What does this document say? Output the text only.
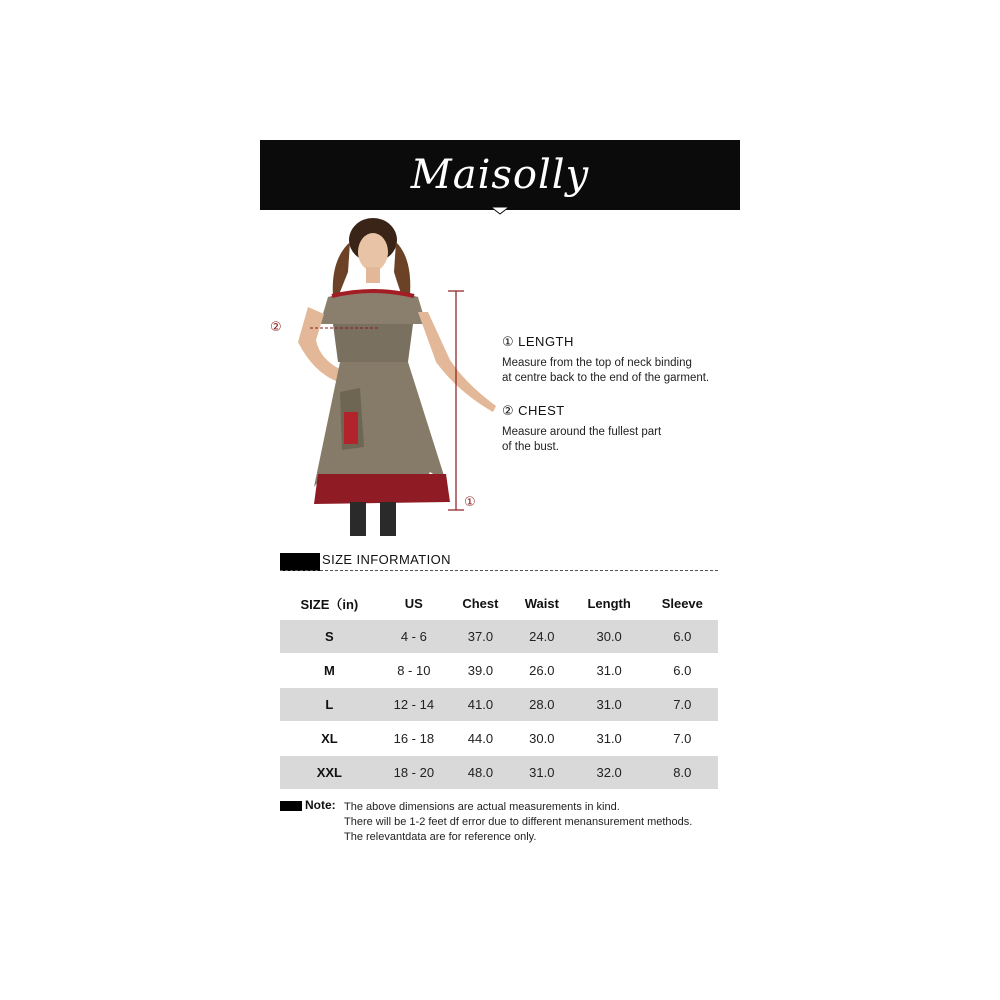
Maisolly
②
①
① LENGTH
Measure from the top of neck binding
at centre back to the end of the garment.
② CHEST
Measure around the fullest part
of the bust.
SIZE INFORMATION
SIZE（in)	US	Chest	Waist	Length	Sleeve
S	4 - 6	37.0	24.0	30.0	6.0
M	8 - 10	39.0	26.0	31.0	6.0
L	12 - 14	41.0	28.0	31.0	7.0
XL	16 - 18	44.0	30.0	31.0	7.0
XXL	18 - 20	48.0	31.0	32.0	8.0
Note: The above dimensions are actual measurements in kind.
There will be 1-2 feet df error due to different menansurement methods.
The relevantdata are for reference only.
